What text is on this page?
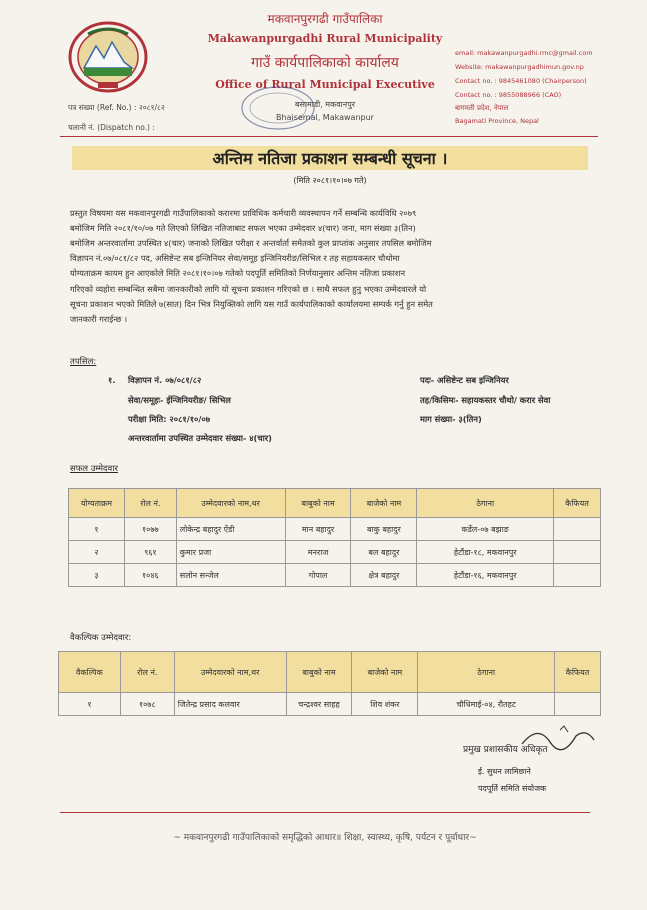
मकवानपुरगढी गाउँपालिका
Makawanpurgadhi Rural Municipality
गाउँ कार्यपालिकाको कार्यालय
Office of Rural Municipal Executive
बसामाडी, मकवानपुर
Bhaisemal, Makawanpur
पत्र संख्या (Ref. No.) : २०८१/८२
चलानी नं. (Dispatch no.) :
email: makawanpurgadhi.rmc@gmail.com
Website: makawanpurgadhimun.gov.np
Contact no. : 9845461080 (Chairperson)
Contact no. : 9855088966 (CAO)
बागमती प्रदेश, नेपाल
Bagamati Province, Nepal
अन्तिम नतिजा प्रकाशन सम्बन्धी सूचना ।
(मिति २०८१।१०।०७ गते)
प्रस्तुत विषयमा यस मकवानपुरगढी गाउँपालिकाको करारमा प्राविधिक कर्मचारी व्यवस्थापन गर्ने सम्बन्धि कार्यविधि २०७९
बमोजिम मिति २०८१/१०/०७ गते लिएको लिखित नतिजाबाट सफल भएका उम्मेदवार ४(चार) जना, माग संख्या ३(तिन)
बमोजिम अन्तरवार्तामा उपस्थित ४(चार) जनाको लिखित परीक्षा र अन्तर्वार्ता समेतको कुल प्राप्तांक अनुसार तपसिल बमोजिम
विज्ञापन नं.०७/०८१/८२ पद, असिष्टेन्ट सब इन्जिनियर सेवा/समूह इन्जिनियरीङ/सिभिल र तह सहायकस्तर चौथोमा
योग्यताक्रम कायम हुन आएकोले मिति २०८१।१०।०७ गतेको पदपूर्ति समितिको निर्णयानुसार अन्तिम नतिजा प्रकाशन
गरिएको व्यहोरा सम्बन्धित सबैमा जानकारीको लागि यो सूचना प्रकाशन गरिएको छ । साथै सफल हुनु भएका उम्मेदवारले यो
सूचना प्रकाशन भएको मितिले ७(सात) दिन भित्र नियुक्तिको लागि यस गाउँ कार्यपालिकाको कार्यालयमा सम्पर्क गर्नु हुन समेत
जानकारी गराईन्छ ।
तपसिल:
१. विज्ञापन नं. ०७/०८१/८२
सेवा/समूहः- ईन्जिनियरीङ/ सिभिल
परीक्षा मिति: २०८१/१०/०७
अन्तरवार्तामा उपस्थित उम्मेदवार संख्या- ४(चार)
पदः- असिष्टेन्ट सब इन्जिनियर
तह/किसिमः- सहायकस्तर चौथो/ करार सेवा
माग संख्या- ३(तिन)
सफल उम्मेदवार
योग्यताक्रम	रोल नं.	उम्मेदवारको नाम,थर	बाबुको नाम	बाजेको नाम	ठेगाना	कैफियत
१	१०७७	लोकेन्द्र बहादुर ऐंडी	मान बहादुर	बाकु बहादुर	कर्डेल-०७ बझाङ	
२	९६१	कुमार प्रजा	मनराज	बल बहादुर	हेटौंडा-१८, मकवानपुर	
३	१०४६	सलोन सन्जेल	गोपाल	क्षेत्र बहादुर	हेटौंडा-१६, मकवानपुर	
वैकल्पिक उम्मेदवार:
वैकल्पिक	रोल नं.	उम्मेदवारको नाम,थर	बाबुको नाम	बाजेको नाम	ठेगाना	कैफियत
१	१०७८	जितेन्द्र प्रसाद कलवार	चन्द्रश्वर साहह	शिव शंकर	चौधिमाई-०४, रौतहट	
प्रमुख प्रशासकीय अधिकृत
ई. सुधन लामिछाने
पदपूर्ति समिति संयोजक
~ मकवानपुरगढी गाउँपालिकाको समृद्धिको आधार॥ शिक्षा, स्वास्थ्य, कृषि, पर्यटन र पूर्वाधार~
